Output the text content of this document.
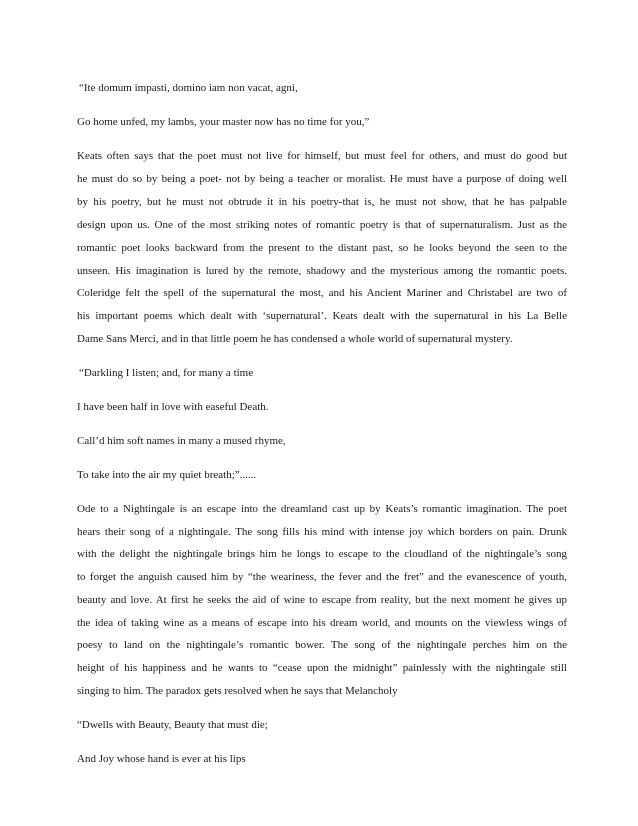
“Ite domum impasti, domino iam non vacat, agni,
Go home unfed, my lambs, your master now has no time for you,”
Keats often says that the poet must not live for himself, but must feel for others, and must do good but
he must do so by being a poet- not by being a teacher or moralist. He must have a purpose of doing well
by his poetry, but he must not obtrude it in his poetry-that is, he must not show, that he has palpable
design upon us. One of the most striking notes of romantic poetry is that of supernaturalism. Just as the
romantic poet looks backward from the present to the distant past, so he looks beyond the seen to the
unseen. His imagination is lured by the remote, shadowy and the mysterious among the romantic poets.
Coleridge felt the spell of the supernatural the most, and his Ancient Mariner and Christabel are two of
his important poems which dealt with ‘supernatural’. Keats dealt with the supernatural in his La Belle
Dame Sans Merci, and in that little poem he has condensed a whole world of supernatural mystery.
“Darkling I listen; and, for many a time
I have been half in love with easeful Death.
Call’d him soft names in many a mused rhyme,
To take into the air my quiet breath;”......
Ode to a Nightingale is an escape into the dreamland cast up by Keats’s romantic imagination. The poet
hears their song of a nightingale. The song fills his mind with intense joy which borders on pain. Drunk
with the delight the nightingale brings him he longs to escape to the cloudland of the nightingale’s song
to forget the anguish caused him by “the weariness, the fever and the fret” and the evanescence of youth,
beauty and love. At first he seeks the aid of wine to escape from reality, but the next moment he gives up
the idea of taking wine as a means of escape into his dream world, and mounts on the viewless wings of
poesy to land on the nightingale’s romantic bower. The song of the nightingale perches him on the
height of his happiness and he wants to “cease upon the midnight” painlessly with the nightingale still
singing to him. The paradox gets resolved when he says that Melancholy
“Dwells with Beauty, Beauty that must die;
And Joy whose hand is ever at his lips
